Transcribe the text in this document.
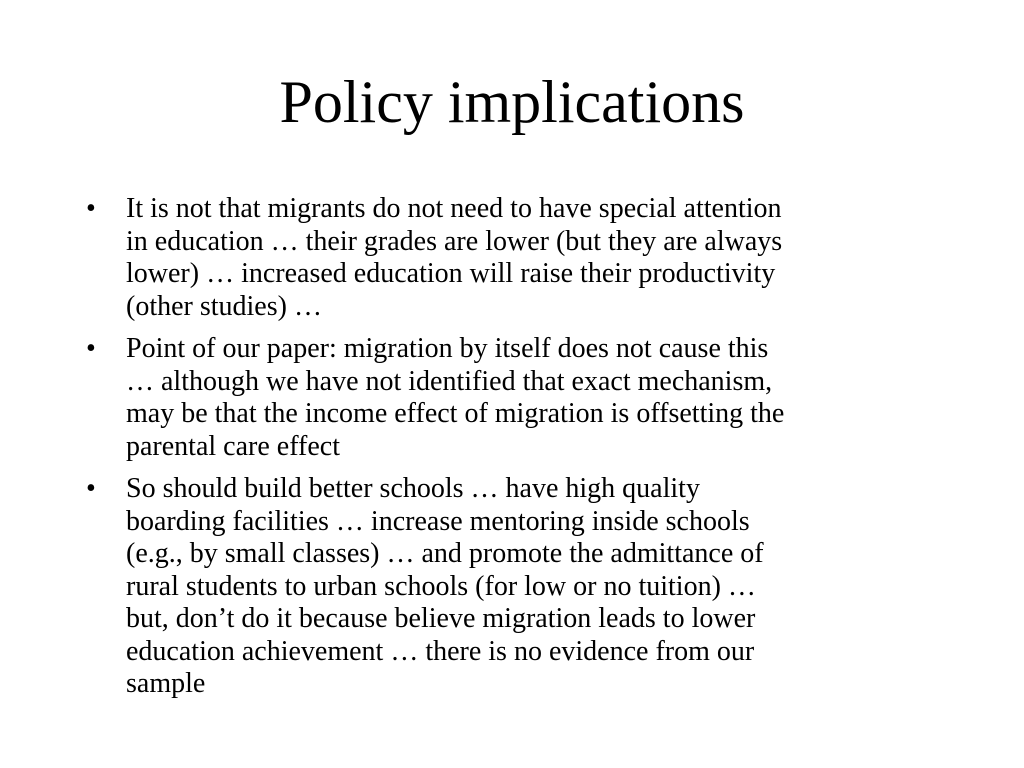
Policy implications
•	It is not that migrants do not need to have special attention
in education … their grades are lower (but they are always
lower) … increased education will raise their productivity
(other studies) …
•	Point of our paper: migration by itself does not cause this
… although we have not identified that exact mechanism,
may be that the income effect of migration is offsetting the
parental care effect
•	So should build better schools … have high quality
boarding facilities … increase mentoring inside schools
(e.g., by small classes) … and promote the admittance of
rural students to urban schools (for low or no tuition) …
but, don’t do it because believe migration leads to lower
education achievement … there is no evidence from our
sample
